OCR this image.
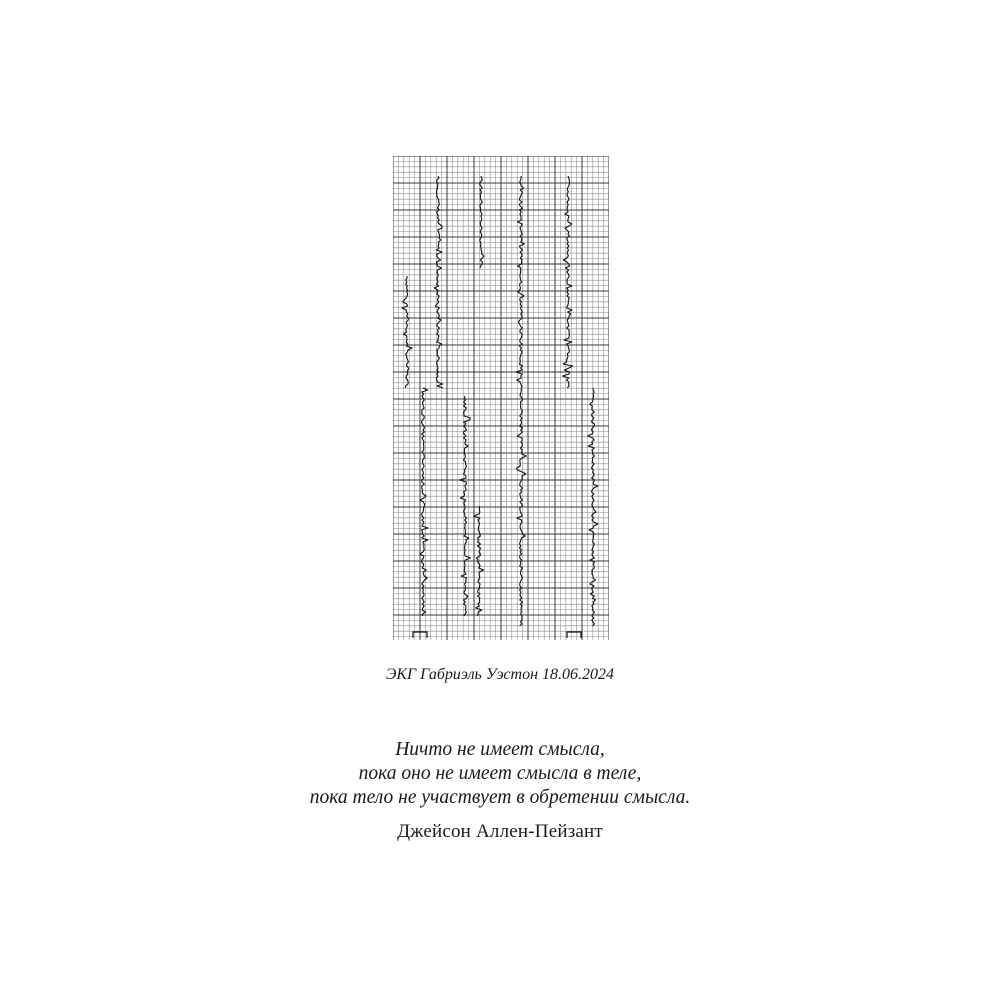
ЭКГ Габриэль Уэстон 18.06.2024
Ничто не имеет смысла,
пока оно не имеет смысла в теле,
пока тело не участвует в обретении смысла.
Джейсон Аллен-Пейзант
